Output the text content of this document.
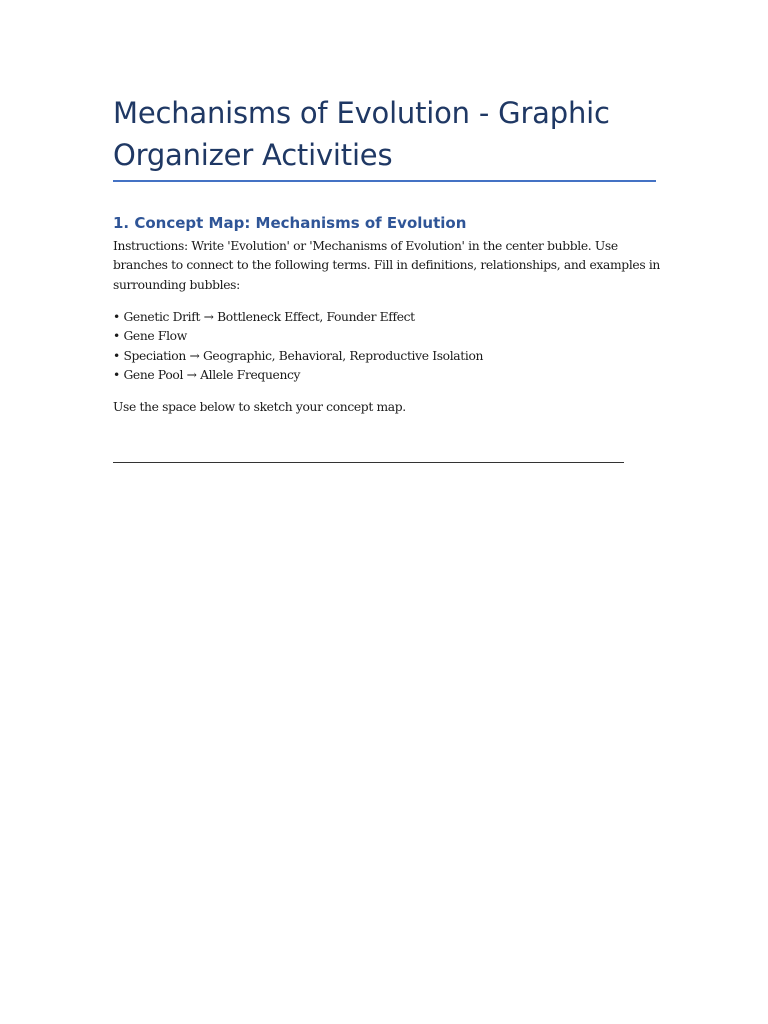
Mechanisms of Evolution - Graphic Organizer Activities
1. Concept Map: Mechanisms of Evolution

Instructions: Write 'Evolution' or 'Mechanisms of Evolution' in the center bubble. Use branches to connect to the following terms. Fill in definitions, relationships, and examples in surrounding bubbles:

• Genetic Drift → Bottleneck Effect, Founder Effect
• Gene Flow
• Speciation → Geographic, Behavioral, Reproductive Isolation
• Gene Pool → Allele Frequency

Use the space below to sketch your concept map.
